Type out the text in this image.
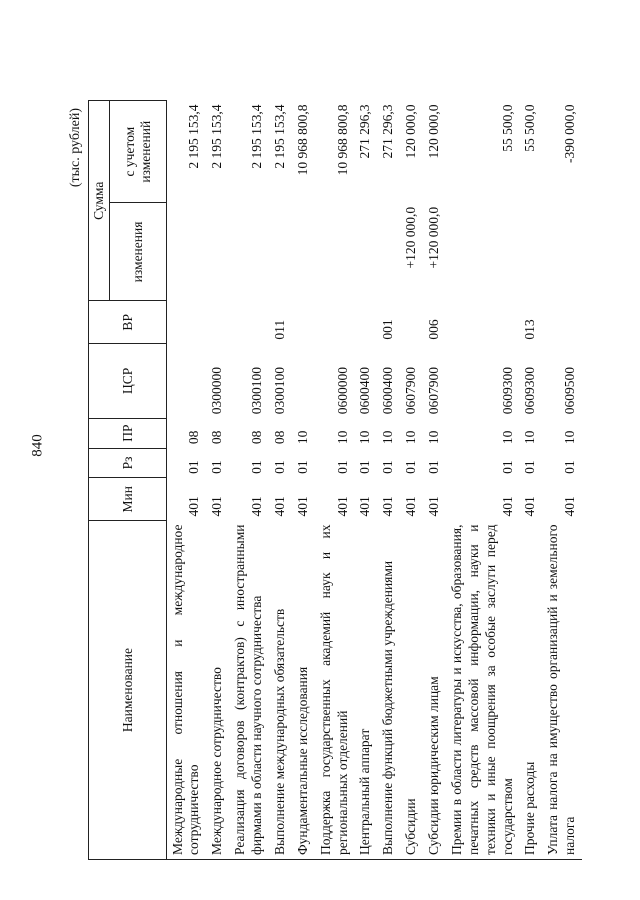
840
(тыс. рублей)
Наименование	Мин	Рз	ПР	ЦСР	ВР	Сумма	
						изменения	с учетом изменений
Международные отношения и международное сотрудничество	401	01	08				2 195 153,4
Международное сотрудничество	401	01	08	0300000			2 195 153,4
Реализация договоров (контрактов) с иностранными фирмами в области научного сотрудничества	401	01	08	0300100			2 195 153,4
Выполнение международных обязательств	401	01	08	0300100	011		2 195 153,4
Фундаментальные исследования	401	01	10				10 968 800,8
Поддержка государственных академий наук и их региональных отделений	401	01	10	0600000			10 968 800,8
Центральный аппарат	401	01	10	0600400			271 296,3
Выполнение функций бюджетными учреждениями	401	01	10	0600400	001		271 296,3
Субсидии	401	01	10	0607900		+120 000,0	120 000,0
Субсидии юридическим лицам	401	01	10	0607900	006	+120 000,0	120 000,0
Премии в области литературы и искусства, образования, печатных средств массовой информации, науки и техники и иные поощрения за особые заслуги перед государством	401	01	10	0609300			55 500,0
Прочие расходы	401	01	10	0609300	013		55 500,0
Уплата налога на имущество организаций и земельного налога	401	01	10	0609500			-390 000,0
